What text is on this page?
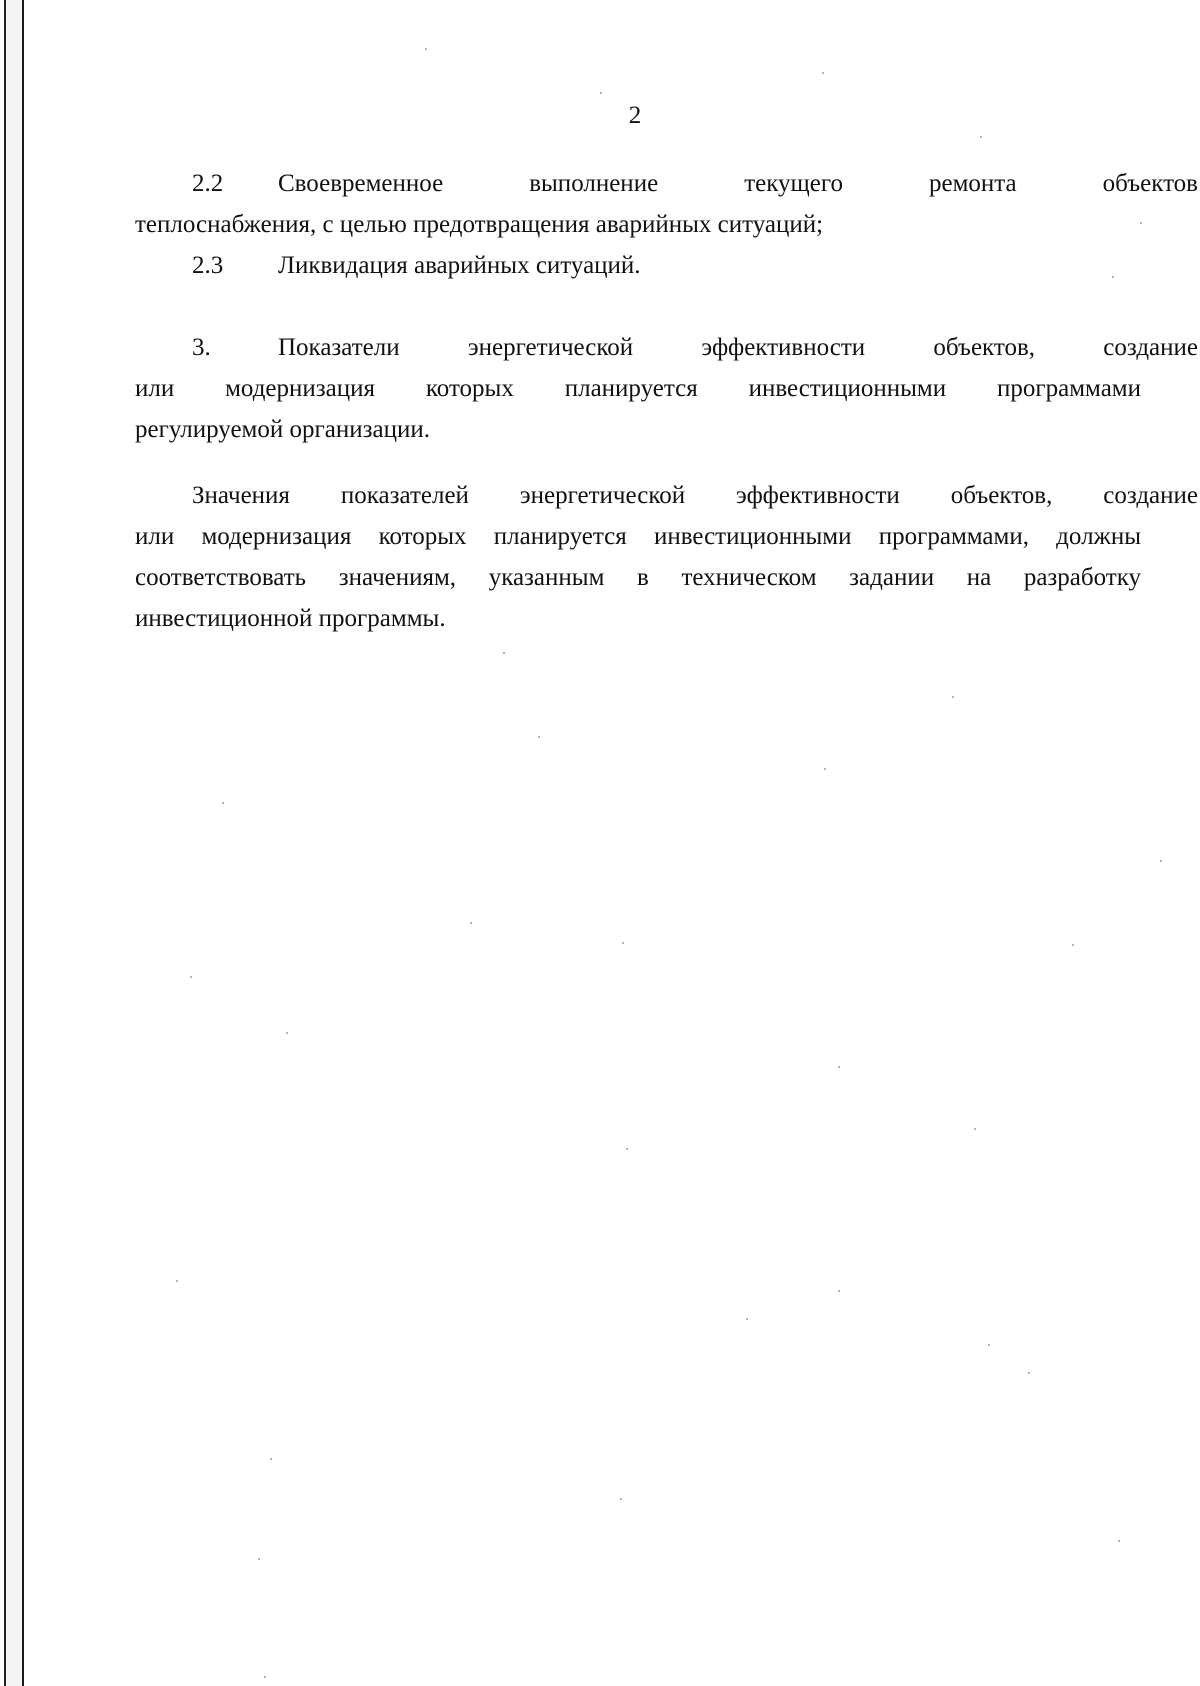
2
2.2 Своевременное выполнение текущего ремонта объектов
теплоснабжения, с целью предотвращения аварийных ситуаций;
2.3 Ликвидация аварийных ситуаций.
3.	Показатели энергетической эффективности объектов, создание
или модернизация которых планируется инвестиционными программами
регулируемой организации.
Значения показателей энергетической эффективности объектов, создание
или модернизация которых планируется инвестиционными программами, должны
соответствовать значениям, указанным в техническом задании на разработку
инвестиционной программы.
